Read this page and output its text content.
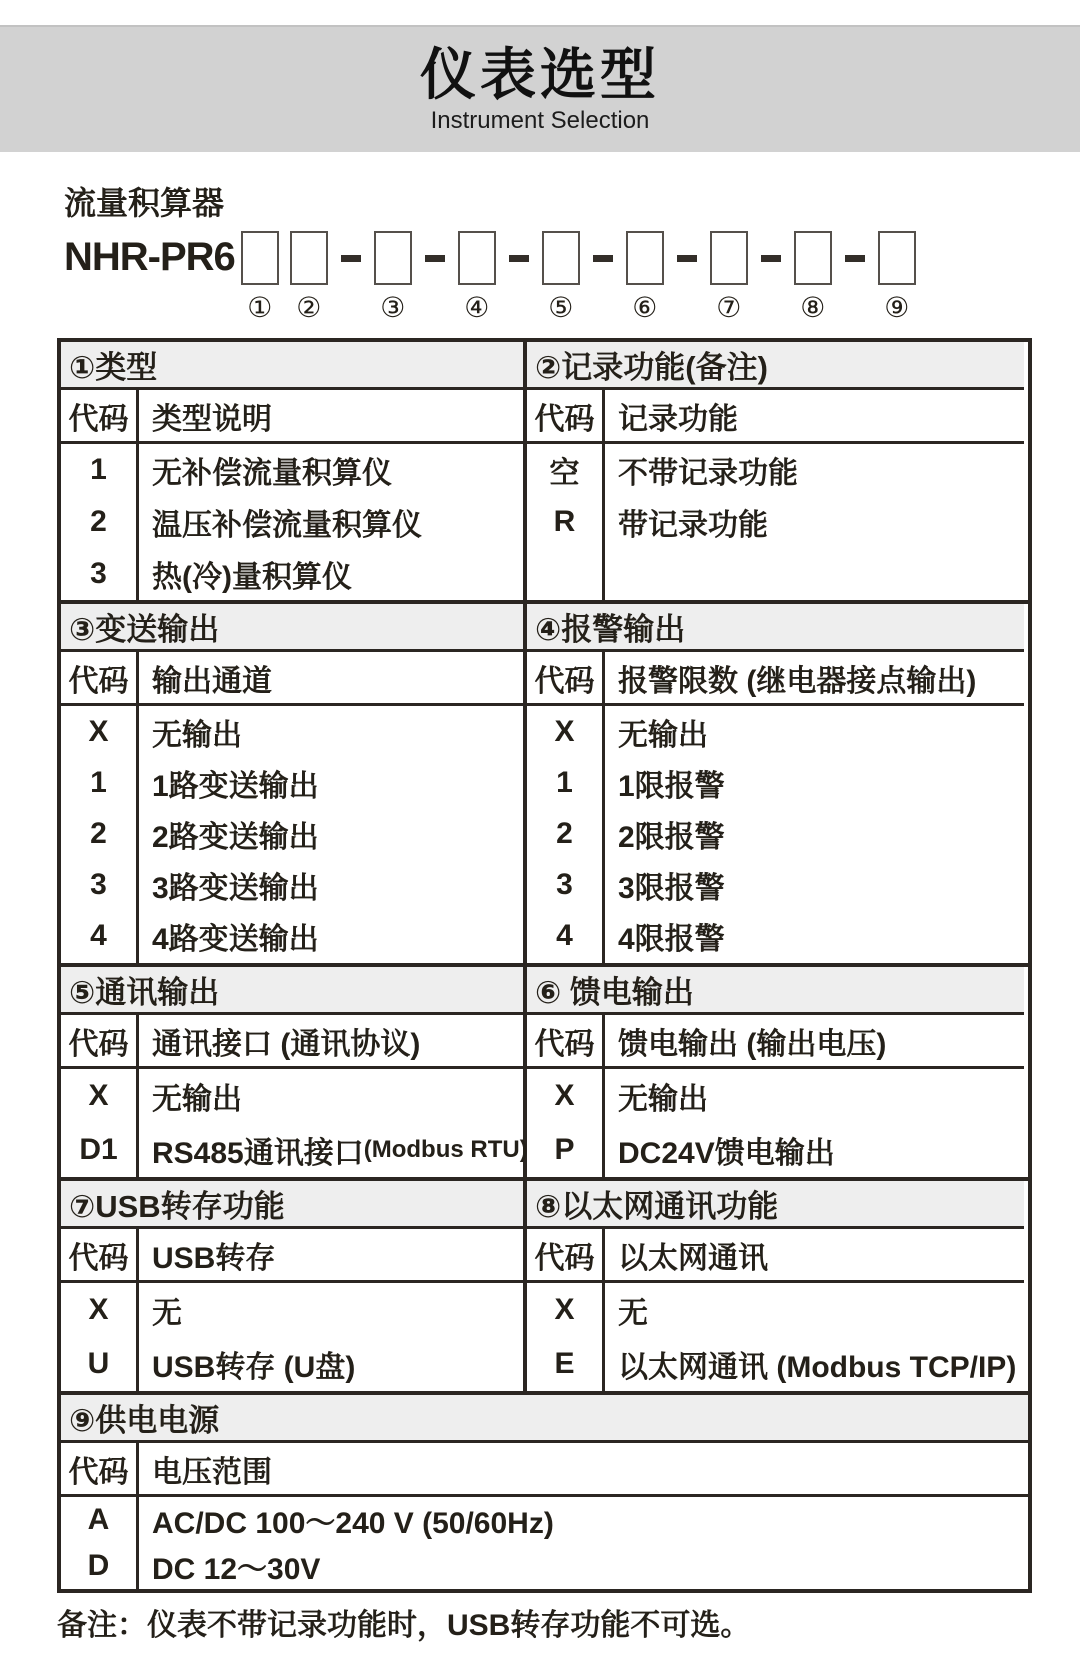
仪表选型
Instrument Selection
流量积算器
NHR-PR6
① ② ③ ④ ⑤ ⑥ ⑦ ⑧ ⑨
①类型
代码 类型说明
1
2
3
无补偿流量积算仪
温压补偿流量积算仪
热(冷)量积算仪
②记录功能(备注)
代码 记录功能
空
R
不带记录功能
带记录功能
③变送输出
代码 输出通道
X
1
2
3
4
无输出
1路变送输出
2路变送输出
3路变送输出
4路变送输出
④报警输出
代码 报警限数 (继电器接点输出)
X
1
2
3
4
无输出
1限报警
2限报警
3限报警
4限报警
⑤通讯输出
代码 通讯接口 (通讯协议)
X
D1
无输出
RS485通讯接口 (Modbus RTU)
⑥ 馈电输出
代码 馈电输出 (输出电压)
X
P
无输出
DC24V馈电输出
⑦USB转存功能
代码 USB转存
X
U
无
USB转存 (U盘)
⑧以太网通讯功能
代码 以太网通讯
X
E
无
以太网通讯 (Modbus TCP/IP)
⑨供电电源
代码 电压范围
A
D
AC/DC 100～240 V (50/60Hz)
DC 12～30V
备注：仪表不带记录功能时，USB转存功能不可选。
